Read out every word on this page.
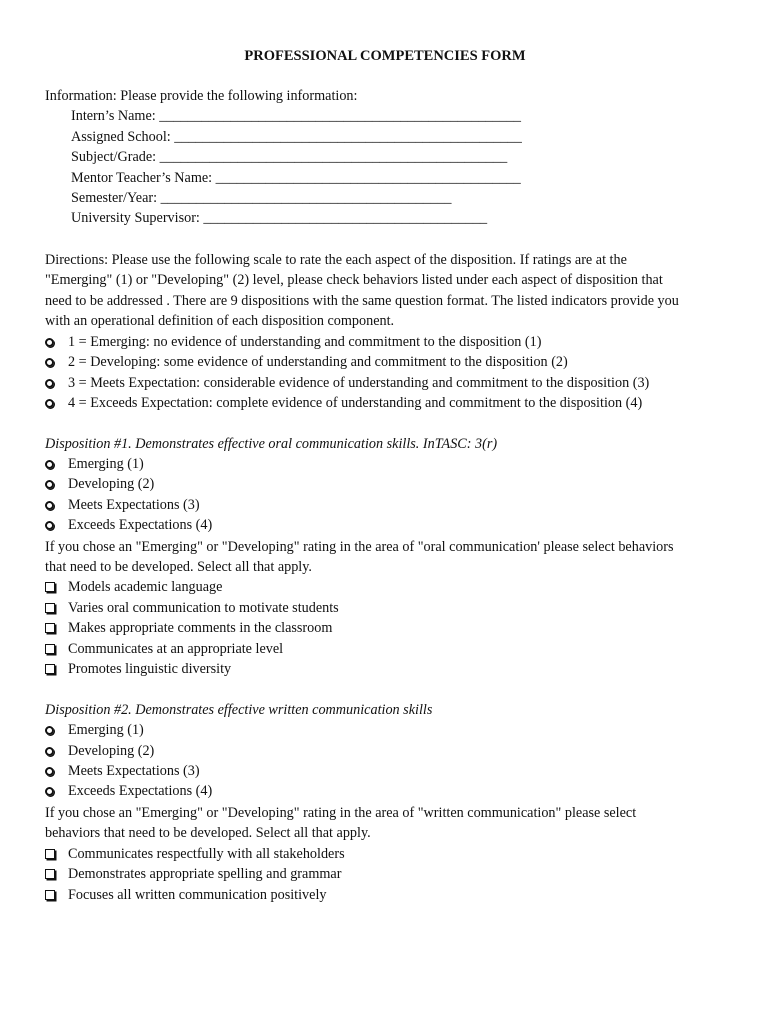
PROFESSIONAL COMPETENCIES FORM
Information: Please provide the following information:
Intern’s Name: ___________________________________________________
Assigned School: _________________________________________________
Subject/Grade: _________________________________________________
Mentor Teacher’s Name: ___________________________________________
Semester/Year: _________________________________________
University Supervisor: ________________________________________
Directions: Please use the following scale to rate the each aspect of the disposition. If ratings are at the
"Emerging" (1) or "Developing" (2) level, please check behaviors listed under each aspect of disposition that
need to be addressed . There are 9 dispositions with the same question format. The listed indicators provide you
with an operational definition of each disposition component.
1 = Emerging: no evidence of understanding and commitment to the disposition (1)
2 = Developing: some evidence of understanding and commitment to the disposition (2)
3 = Meets Expectation: considerable evidence of understanding and commitment to the disposition (3)
4 = Exceeds Expectation: complete evidence of understanding and commitment to the disposition (4)
Disposition #1. Demonstrates effective oral communication skills. InTASC: 3(r)
Emerging (1)
Developing (2)
Meets Expectations (3)
Exceeds Expectations (4)
If you chose an "Emerging" or "Developing" rating in the area of "oral communication' please select behaviors
that need to be developed. Select all that apply.
Models academic language
Varies oral communication to motivate students
Makes appropriate comments in the classroom
Communicates at an appropriate level
Promotes linguistic diversity
Disposition #2. Demonstrates effective written communication skills
Emerging (1)
Developing (2)
Meets Expectations (3)
Exceeds Expectations (4)
If you chose an "Emerging" or "Developing" rating in the area of "written communication" please select
behaviors that need to be developed. Select all that apply.
Communicates respectfully with all stakeholders
Demonstrates appropriate spelling and grammar
Focuses all written communication positively
